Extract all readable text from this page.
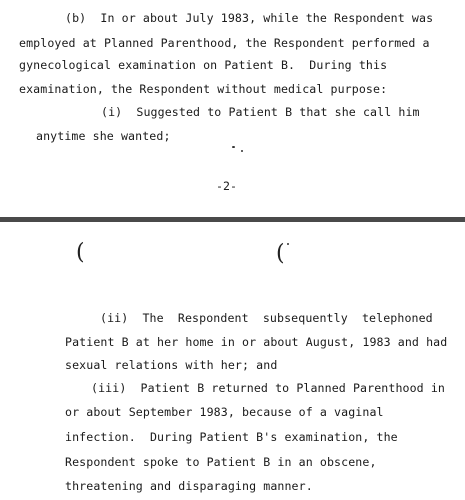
(b)  In or about July 1983, while the Respondent was
employed at Planned Parenthood, the Respondent performed a
gynecological examination on Patient B.  During this
examination, the Respondent without medical purpose:
(i)  Suggested to Patient B that she call him
anytime she wanted;
-2-
(	(
(ii)  The  Respondent  subsequently  telephoned
Patient B at her home in or about August, 1983 and had
sexual relations with her; and
(iii)  Patient B returned to Planned Parenthood in
or about September 1983, because of a vaginal
infection.  During Patient B's examination, the
Respondent spoke to Patient B in an obscene,
threatening and disparaging manner.
